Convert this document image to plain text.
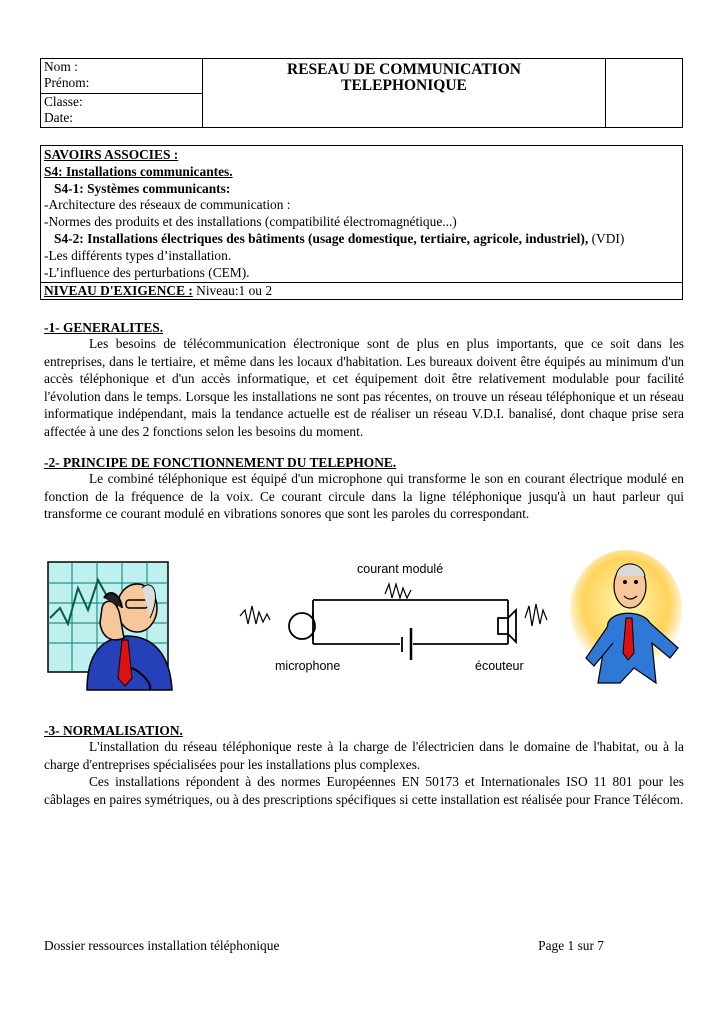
Nom :
Prénom:

RESEAU DE COMMUNICATION
TELEPHONIQUE

Classe:
Date:
SAVOIRS ASSOCIES :
S4: Installations communicantes.
S4-1: Systèmes communicants:
-Architecture des réseaux de communication :
-Normes des produits et des installations (compatibilité électromagnétique...)
S4-2: Installations électriques des bâtiments (usage domestique, tertiaire, agricole, industriel), (VDI)
-Les différents types d’installation.
-L’influence des perturbations (CEM).
NIVEAU D'EXIGENCE : Niveau:1 ou 2
-1- GENERALITES.
Les besoins de télécommunication électronique sont de plus en plus importants, que ce soit dans les entreprises, dans le tertiaire, et même dans les locaux d'habitation. Les bureaux doivent être équipés au minimum d'un accès téléphonique et d'un accès informatique, et cet équipement doit être relativement modulable pour facilité l'évolution dans le temps. Lorsque les installations ne sont pas récentes, on trouve un réseau téléphonique et un réseau informatique indépendant, mais la tendance actuelle est de réaliser un réseau V.D.I. banalisé, dont chaque prise sera affectée à une des 2 fonctions selon les besoins du moment.
-2- PRINCIPE DE FONCTIONNEMENT DU TELEPHONE.
Le combiné téléphonique est équipé d'un microphone qui transforme le son en courant électrique modulé en fonction de la fréquence de la voix. Ce courant circule dans la ligne téléphonique jusqu'à un haut parleur qui transforme ce courant modulé en vibrations sonores que sont les paroles du correspondant.
courant modulé
microphone	écouteur
-3- NORMALISATION.
L'installation du réseau téléphonique reste à la charge de l'électricien dans le domaine de l'habitat, ou à la charge d'entreprises spécialisées pour les installations plus complexes.
Ces installations répondent à des normes Européennes EN 50173 et Internationales ISO 11 801 pour les câblages en paires symétriques, ou à des prescriptions spécifiques si cette installation est réalisée pour France Télécom.
Dossier ressources installation téléphonique	Page 1 sur 7
